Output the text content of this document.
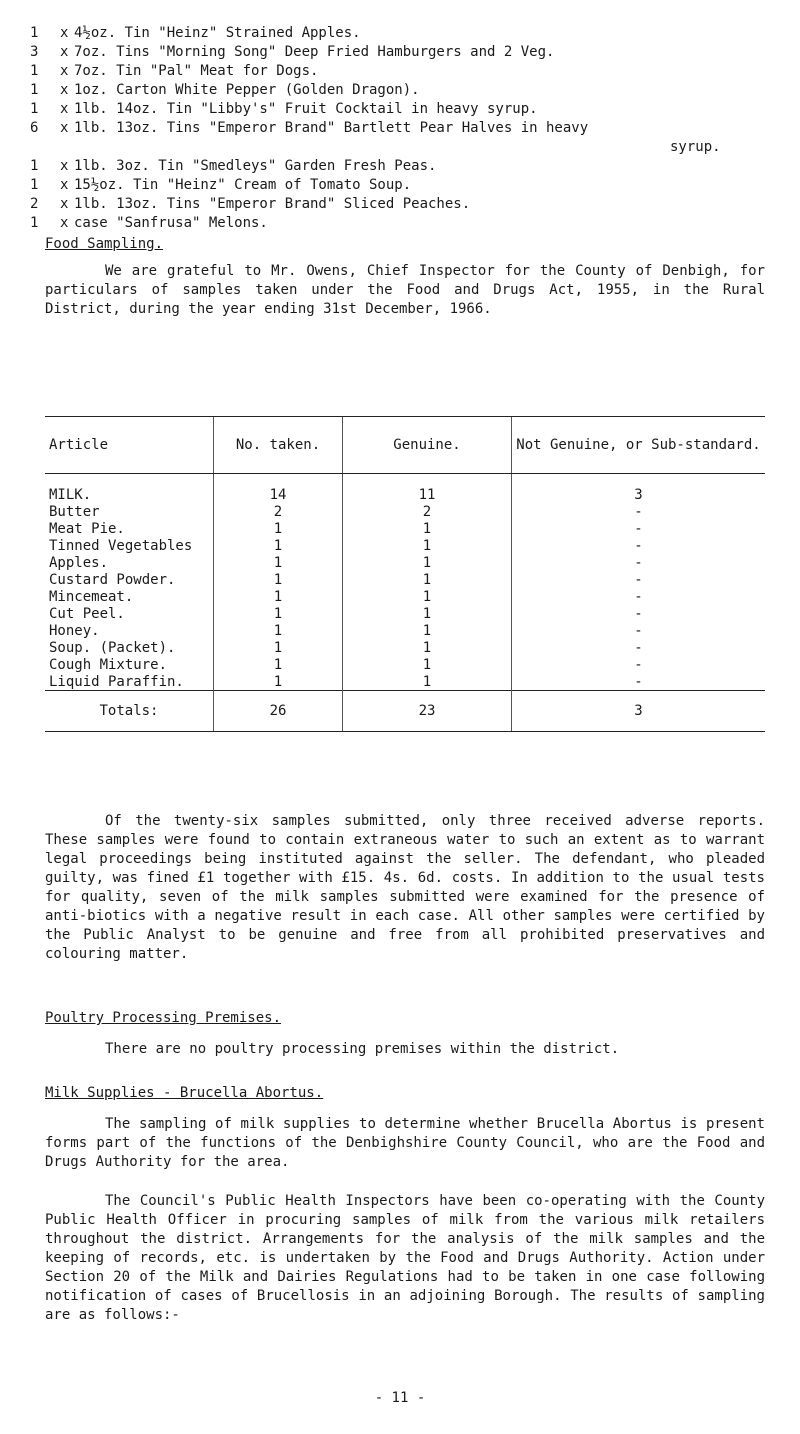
1	x 4½oz. Tin "Heinz" Strained Apples.
3	x 7oz. Tins "Morning Song" Deep Fried Hamburgers and 2 Veg.
1	x 7oz. Tin "Pal" Meat for Dogs.
1	x 1oz. Carton White Pepper (Golden Dragon).
1	x 1lb. 14oz. Tin "Libby's" Fruit Cocktail in heavy syrup.
6	x 1lb. 13oz. Tins "Emperor Brand" Bartlett Pear Halves in heavy
syrup.
1	x 1lb. 3oz. Tin "Smedleys" Garden Fresh Peas.
1	x 15½oz. Tin "Heinz" Cream of Tomato Soup.
2	x 1lb. 13oz. Tins "Emperor Brand" Sliced Peaches.
1	x case "Sanfrusa" Melons.
Food Sampling.
We are grateful to Mr. Owens, Chief Inspector for the County of Denbigh, for particulars of samples taken under the Food and Drugs Act, 1955, in the Rural District, during the year ending 31st December, 1966.
Article	No. taken.	Genuine.	Not Genuine, or Sub-standard.
MILK.	14	11	3
Butter	2	2	-
Meat Pie.	1	1	-
Tinned Vegetables	1	1	-
Apples.	1	1	-
Custard Powder.	1	1	-
Mincemeat.	1	1	-
Cut Peel.	1	1	-
Honey.	1	1	-
Soup. (Packet).	1	1	-
Cough Mixture.	1	1	-
Liquid Paraffin.	1	1	-
Totals:	26	23	3
Of the twenty-six samples submitted, only three received adverse reports. These samples were found to contain extraneous water to such an extent as to warrant legal proceedings being instituted against the seller. The defendant, who pleaded guilty, was fined £1 together with £15. 4s. 6d. costs. In addition to the usual tests for quality, seven of the milk samples submitted were examined for the presence of anti-biotics with a negative result in each case. All other samples were certified by the Public Analyst to be genuine and free from all prohibited preservatives and colouring matter.
Poultry Processing Premises.
There are no poultry processing premises within the district.
Milk Supplies - Brucella Abortus.
The sampling of milk supplies to determine whether Brucella Abortus is present forms part of the functions of the Denbighshire County Council, who are the Food and Drugs Authority for the area.
The Council's Public Health Inspectors have been co-operating with the County Public Health Officer in procuring samples of milk from the various milk retailers throughout the district. Arrangements for the analysis of the milk samples and the keeping of records, etc. is undertaken by the Food and Drugs Authority. Action under Section 20 of the Milk and Dairies Regulations had to be taken in one case following notification of cases of Brucellosis in an adjoining Borough. The results of sampling are as follows:-
- 11 -
